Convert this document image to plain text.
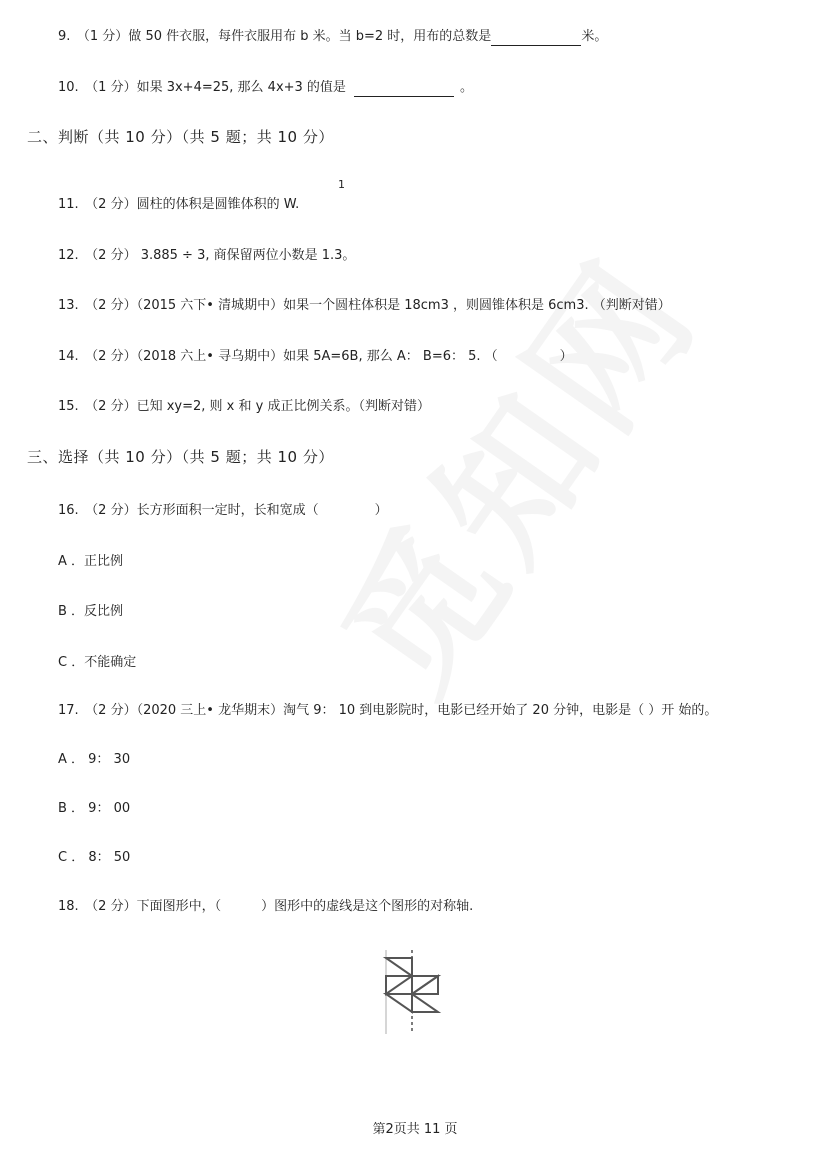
9.　（1 分）做 50 件衣服，每件衣服用布 b 米。当 b=2 时，用布的总数是	米。
10.　（1 分）如果 3x+4=25, 那么 4x+3 的值是	。
二、判断（共 10 分）（共 5 题；共 10 分）
1
11.　（2 分）圆柱的体积是圆锥体积的 W.
12.　（2 分） 3.885 ÷ 3, 商保留两位小数是 1.3。
13.　（2 分）（2015 六下• 清城期中）如果一个圆柱体积是 18cm3 ，则圆锥体积是 6cm3. （判断对错）
14.　（2 分）（2018 六上• 寻乌期中）如果 5A=6B, 那么 A： B=6： 5. （	）
15.　（2 分）已知 xy=2, 则 x 和 y 成正比例关系。（判断对错）
三、选择（共 10 分）（共 5 题；共 10 分）
16.　（2 分）长方形面积一定时，长和宽成（	）
A ．正比例
B ．反比例
C ．不能确定
17.　（2 分）（2020 三上• 龙华期末）淘气 9： 10 到电影院时，电影已经开始了 20 分钟，电影是（ ）开 始的。
A ． 9： 30
B ． 9： 00
C ． 8： 50
18.　（2 分）下面图形中，（	）图形中的虚线是这个图形的对称轴.
第2页共 11 页
